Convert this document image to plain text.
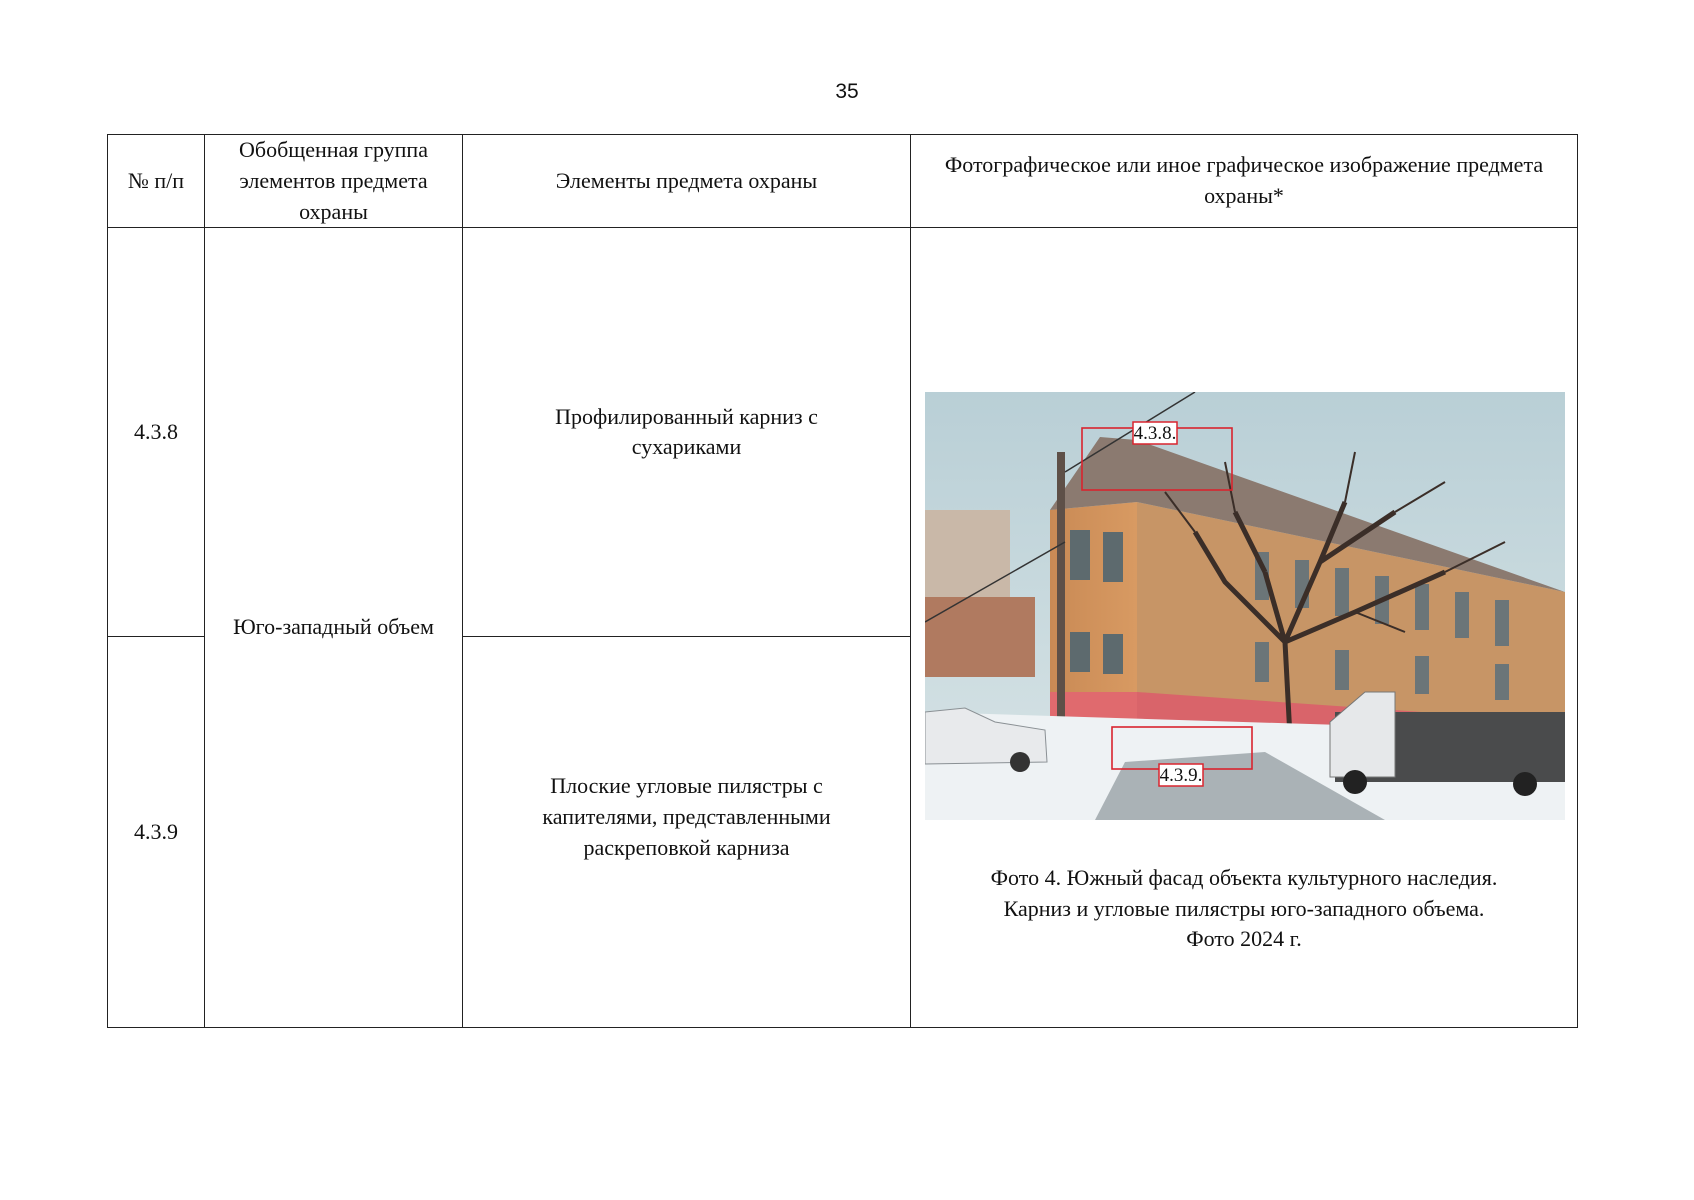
35
№ п/п	Обобщенная группа элементов предмета охраны	Элементы предмета охраны	Фотографическое или иное графическое изображение предмета охраны*
4.3.8	Юго-западный объем	Профилированный карниз с сухариками	4.3.8.
4.3.9.
Фото 4. Южный фасад объекта культурного наследия.
Карниз и угловые пилястры юго-западного объема.
Фото 2024 г.

4.3.9		Плоские угловые пилястры с капителями, представленными раскреповкой карниза	
